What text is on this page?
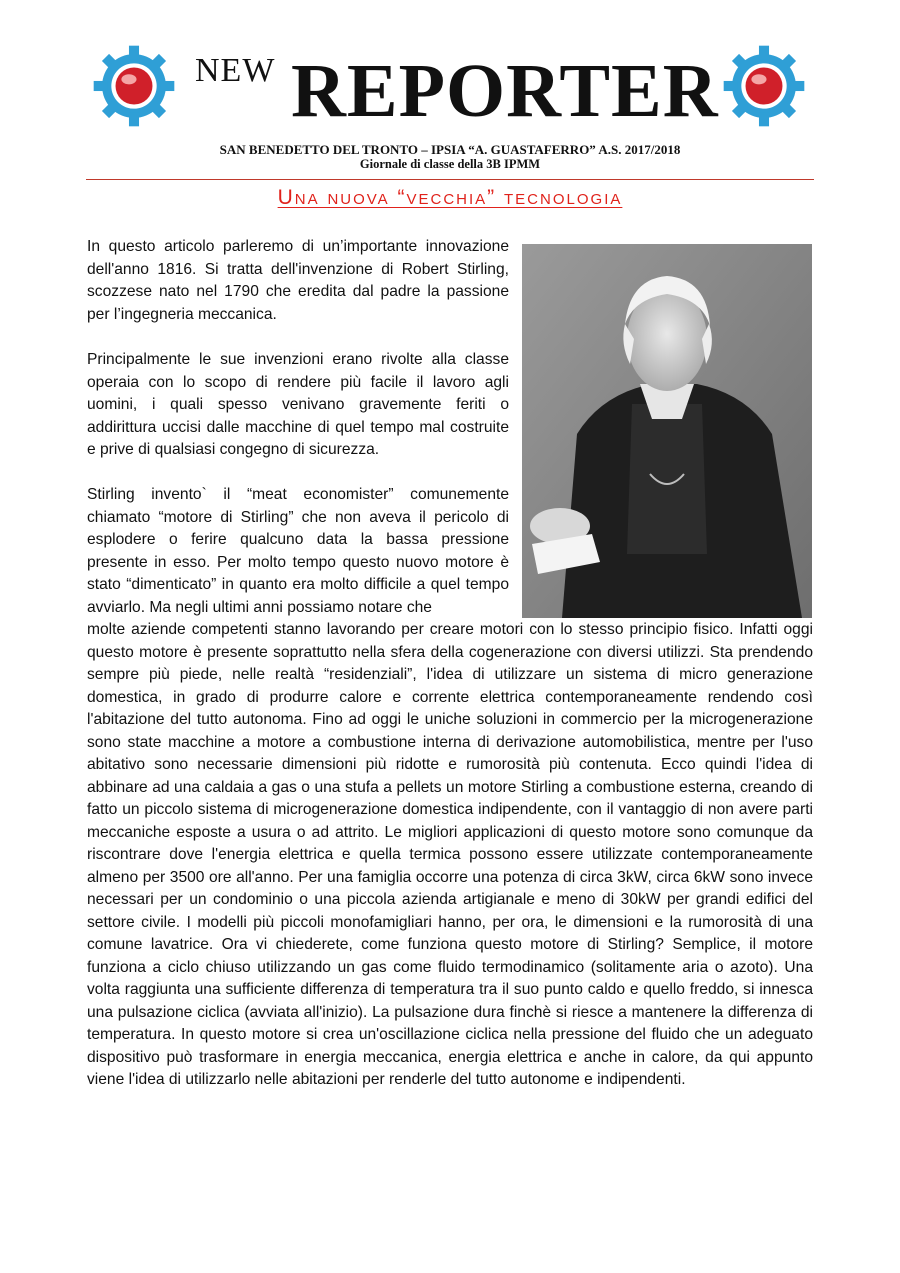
NEW REPORTER
SAN BENEDETTO DEL TRONTO – IPSIA “A. GUASTAFERRO” A.S. 2017/2018
Giornale di classe della 3B IPMM
Una nuova “vecchia” tecnologia

In questo articolo parleremo di un’importante innovazione dell'anno 1816. Si tratta dell'invenzione di Robert Stirling, scozzese nato nel 1790 che eredita dal padre la passione per l’ingegneria meccanica.

Principalmente le sue invenzioni erano rivolte alla classe operaia con lo scopo di rendere più facile il lavoro agli uomini, i quali spesso venivano gravemente feriti o addirittura uccisi dalle macchine di quel tempo mal costruite e prive di qualsiasi congegno di sicurezza.

Stirling invento` il “meat economister” comunemente chiamato “motore di Stirling” che non aveva il pericolo di esplodere o ferire qualcuno data la bassa pressione presente in esso. Per molto tempo questo nuovo motore è stato “dimenticato” in quanto era molto difficile a quel tempo avviarlo. Ma negli ultimi anni possiamo notare che

molte aziende competenti stanno lavorando per creare motori con lo stesso principio fisico. Infatti oggi questo motore è presente soprattutto nella sfera della cogenerazione con diversi utilizzi. Sta prendendo sempre più piede, nelle realtà “residenziali”, l'idea di utilizzare un sistema di micro generazione domestica, in grado di produrre calore e corrente elettrica contemporaneamente rendendo così l'abitazione del tutto autonoma. Fino ad oggi le uniche soluzioni in commercio per la microgenerazione sono state macchine a motore a combustione interna di derivazione automobilistica, mentre per l'uso abitativo sono necessarie dimensioni più ridotte e rumorosità più contenuta. Ecco quindi l'idea di abbinare ad una caldaia a gas o una stufa a pellets un motore Stirling a combustione esterna, creando di fatto un piccolo sistema di microgenerazione domestica indipendente, con il vantaggio di non avere parti meccaniche esposte a usura o ad attrito. Le migliori applicazioni di questo motore sono comunque da riscontrare dove l'energia elettrica e quella termica possono essere utilizzate contemporaneamente almeno per 3500 ore all'anno. Per una famiglia occorre una potenza di circa 3kW, circa 6kW sono invece necessari per un condominio o una piccola azienda artigianale e meno di 30kW per grandi edifici del settore civile. I modelli più piccoli monofamigliari hanno, per ora, le dimensioni e la rumorosità di una comune lavatrice. Ora vi chiederete, come funziona questo motore di Stirling? Semplice, il motore funziona a ciclo chiuso utilizzando un gas come fluido termodinamico (solitamente aria o azoto). Una volta raggiunta una sufficiente differenza di temperatura tra il suo punto caldo e quello freddo, si innesca una pulsazione ciclica (avviata all'inizio). La pulsazione dura finchè si riesce a mantenere la differenza di temperatura. In questo motore si crea un'oscillazione ciclica nella pressione del fluido che un adeguato dispositivo può trasformare in energia meccanica, energia elettrica e anche in calore, da qui appunto viene l'idea di utilizzarlo nelle abitazioni per renderle del tutto autonome e indipendenti.
